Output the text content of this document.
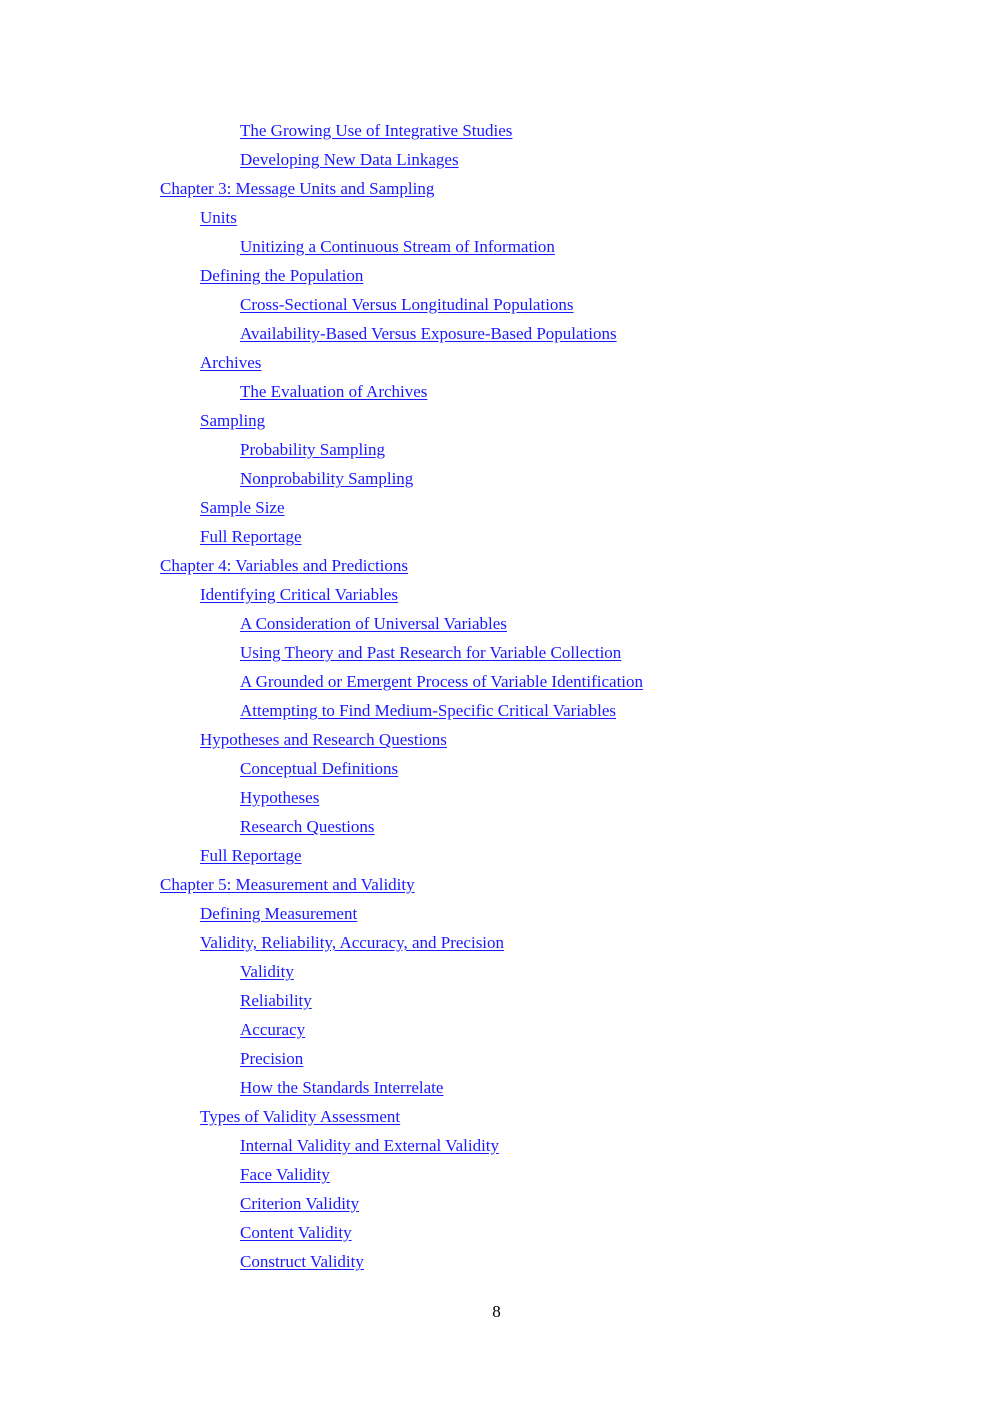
The Growing Use of Integrative Studies
Developing New Data Linkages
Chapter 3: Message Units and Sampling
Units
Unitizing a Continuous Stream of Information
Defining the Population
Cross-Sectional Versus Longitudinal Populations
Availability-Based Versus Exposure-Based Populations
Archives
The Evaluation of Archives
Sampling
Probability Sampling
Nonprobability Sampling
Sample Size
Full Reportage
Chapter 4: Variables and Predictions
Identifying Critical Variables
A Consideration of Universal Variables
Using Theory and Past Research for Variable Collection
A Grounded or Emergent Process of Variable Identification
Attempting to Find Medium-Specific Critical Variables
Hypotheses and Research Questions
Conceptual Definitions
Hypotheses
Research Questions
Full Reportage
Chapter 5: Measurement and Validity
Defining Measurement
Validity, Reliability, Accuracy, and Precision
Validity
Reliability
Accuracy
Precision
How the Standards Interrelate
Types of Validity Assessment
Internal Validity and External Validity
Face Validity
Criterion Validity
Content Validity
Construct Validity
8
